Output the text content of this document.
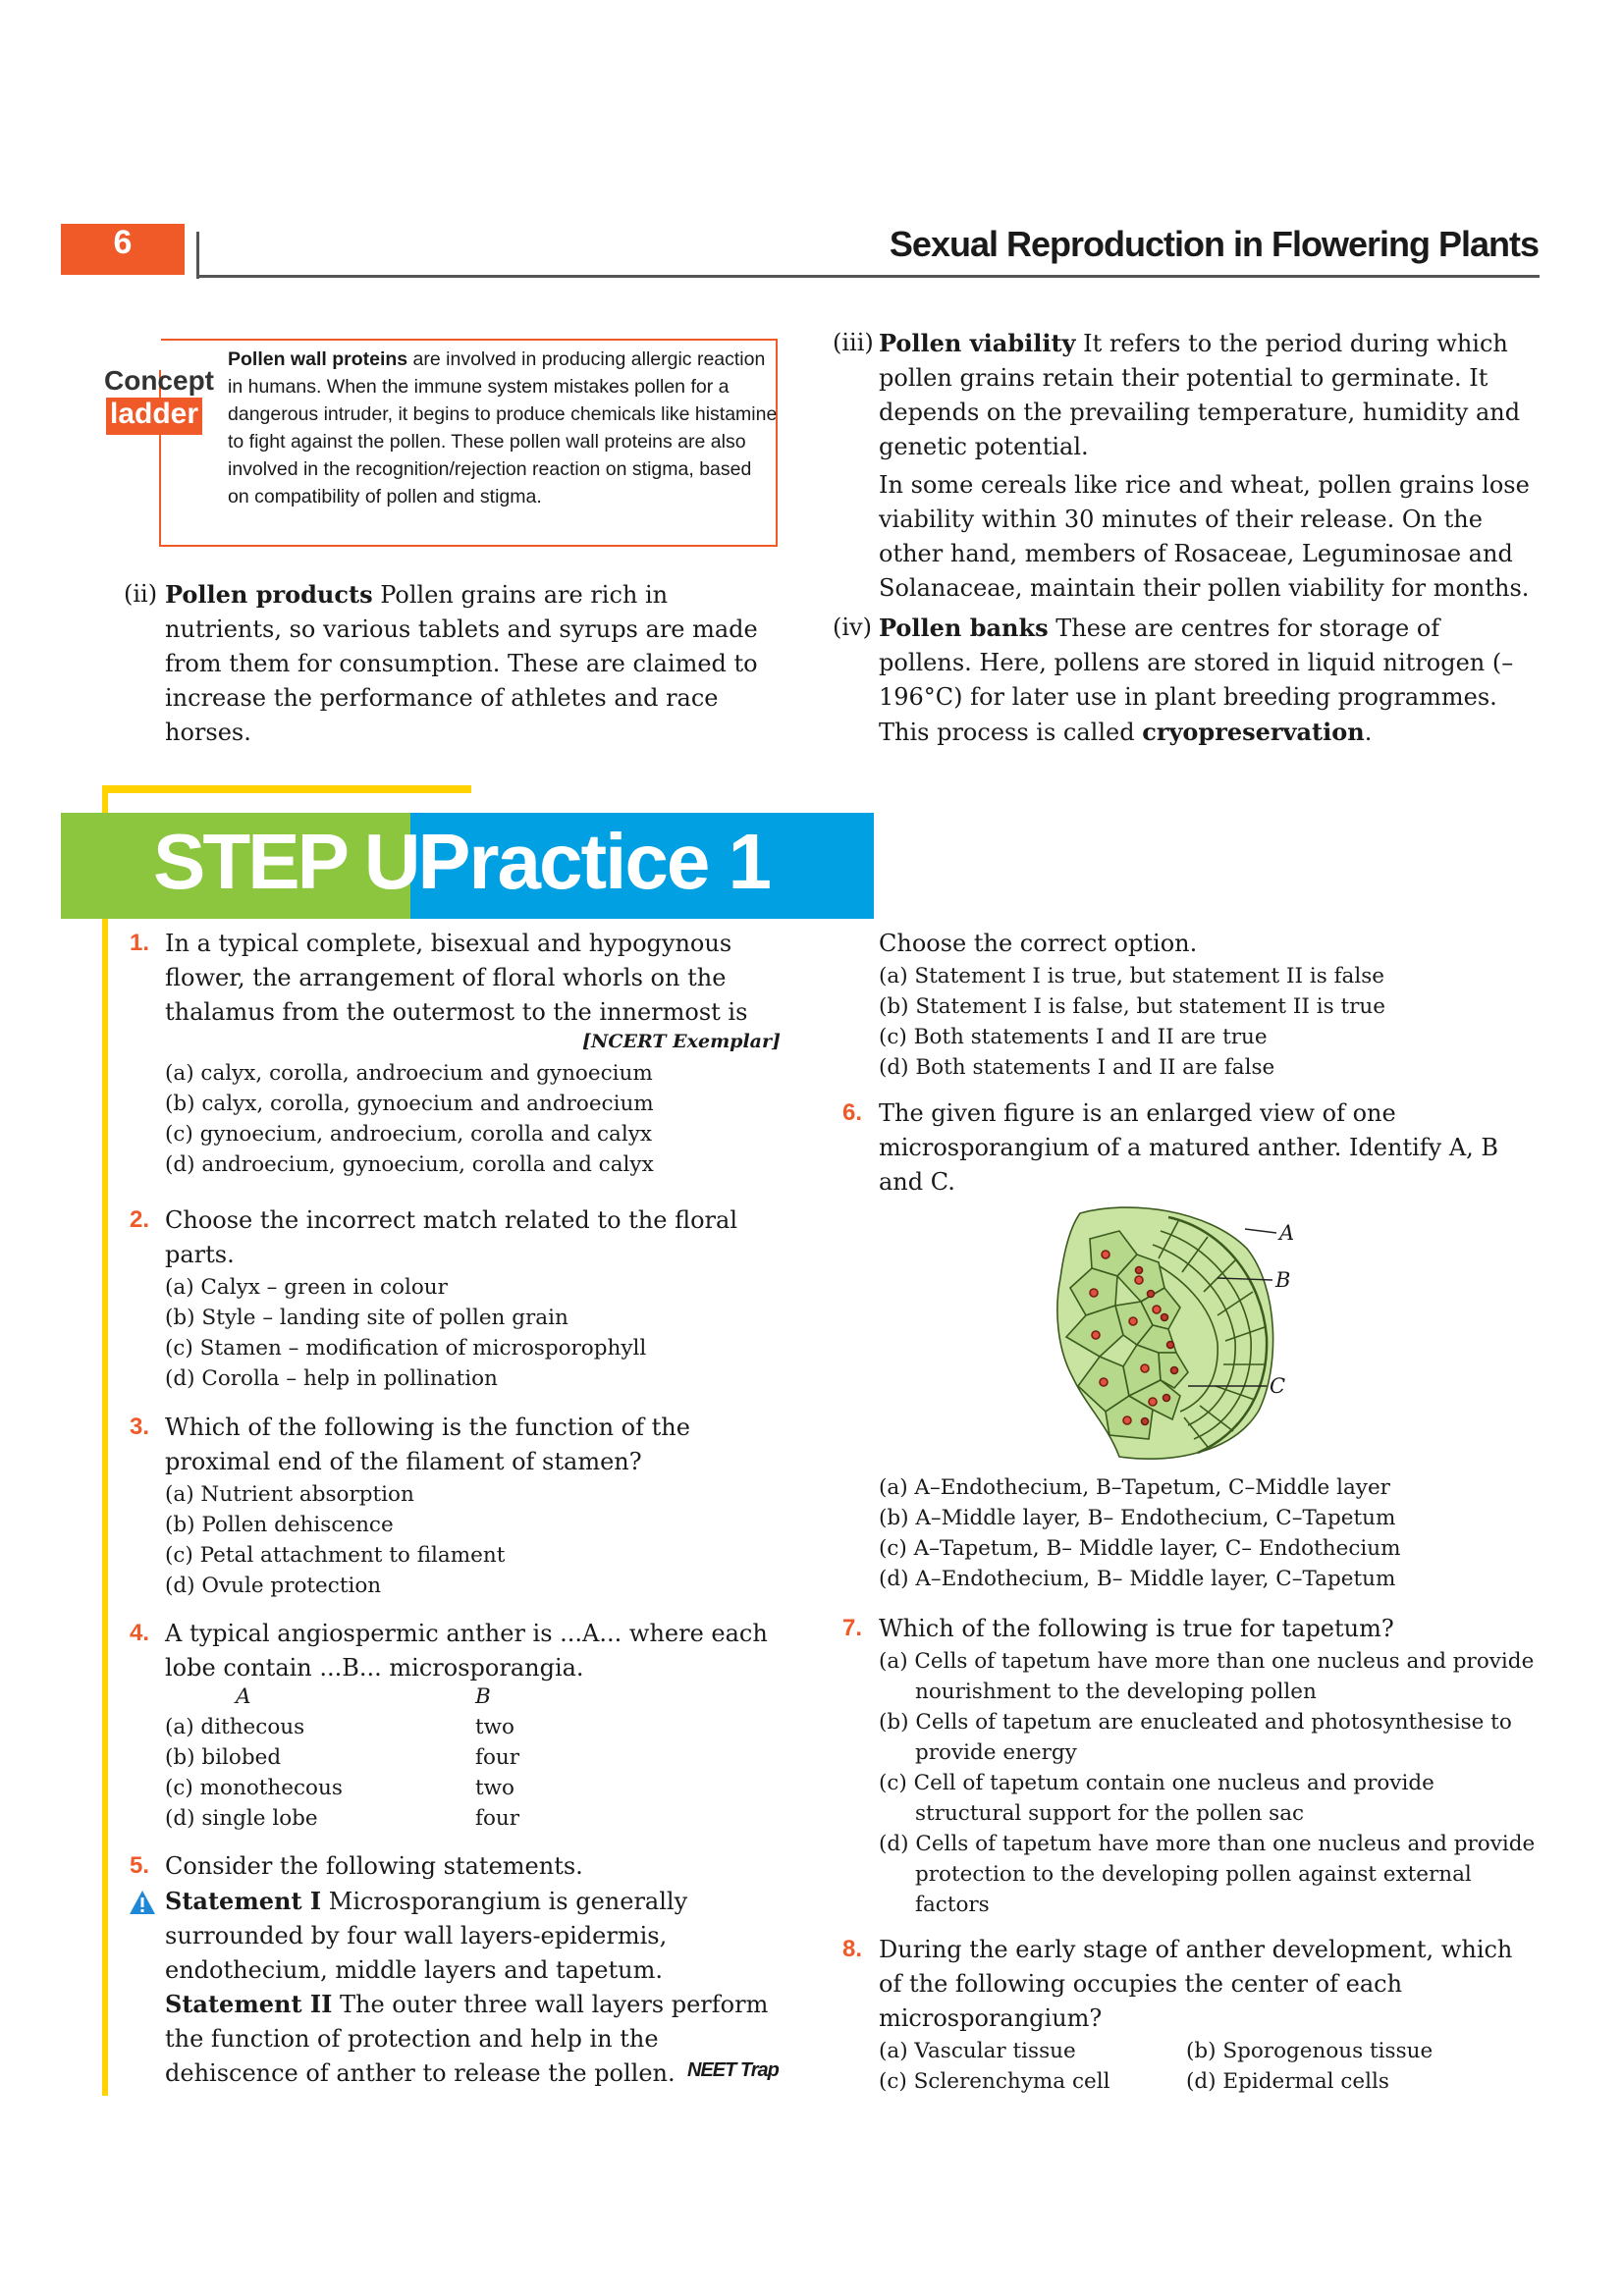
6	Sexual Reproduction in Flowering Plants
Concept
ladder
Pollen wall proteins are involved in producing allergic reaction in humans. When the immune system mistakes pollen for a dangerous intruder, it begins to produce chemicals like histamine to fight against the pollen. These pollen wall proteins are also involved in the recognition/rejection reaction on stigma, based on compatibility of pollen and stigma.
(ii) Pollen products Pollen grains are rich in nutrients, so various tablets and syrups are made from them for consumption. These are claimed to increase the performance of athletes and race horses.
(iii) Pollen viability It refers to the period during which pollen grains retain their potential to germinate. It depends on the prevailing temperature, humidity and genetic potential.
In some cereals like rice and wheat, pollen grains lose viability within 30 minutes of their release. On the other hand, members of Rosaceae, Leguminosae and Solanaceae, maintain their pollen viability for months.
(iv) Pollen banks These are centres for storage of pollens. Here, pollens are stored in liquid nitrogen (–196°C) for later use in plant breeding programmes. This process is called cryopreservation.
STEP UP
Practice 1
1. In a typical complete, bisexual and hypogynous flower, the arrangement of floral whorls on the thalamus from the outermost to the innermost is
[NCERT Exemplar]
(a) calyx, corolla, androecium and gynoecium
(b) calyx, corolla, gynoecium and androecium
(c) gynoecium, androecium, corolla and calyx
(d) androecium, gynoecium, corolla and calyx
2. Choose the incorrect match related to the floral parts.
(a) Calyx – green in colour
(b) Style – landing site of pollen grain
(c) Stamen – modification of microsporophyll
(d) Corolla – help in pollination
3. Which of the following is the function of the proximal end of the filament of stamen?
(a) Nutrient absorption
(b) Pollen dehiscence
(c) Petal attachment to filament
(d) Ovule protection
4. A typical angiospermic anther is ...A... where each lobe contain ...B... microsporangia.
A	B
(a) dithecous
(b) bilobed
(c) monothecous
(d) single lobe
two
four
two
four
5. Consider the following statements.
Statement I Microsporangium is generally surrounded by four wall layers-epidermis, endothecium, middle layers and tapetum.
Statement II The outer three wall layers perform the function of protection and help in the dehiscence of anther to release the pollen. NEET Trap
Choose the correct option.
(a) Statement I is true, but statement II is false
(b) Statement I is false, but statement II is true
(c) Both statements I and II are true
(d) Both statements I and II are false
6. The given figure is an enlarged view of one microsporangium of a matured anther. Identify A, B and C.
A
B
C
(a) A–Endothecium, B–Tapetum, C–Middle layer
(b) A–Middle layer, B– Endothecium, C–Tapetum
(c) A–Tapetum, B– Middle layer, C– Endothecium
(d) A–Endothecium, B– Middle layer, C–Tapetum
7. Which of the following is true for tapetum?
(a) Cells of tapetum have more than one nucleus and provide nourishment to the developing pollen
(b) Cells of tapetum are enucleated and photosynthesise to provide energy
(c) Cell of tapetum contain one nucleus and provide structural support for the pollen sac
(d) Cells of tapetum have more than one nucleus and provide protection to the developing pollen against external factors
8. During the early stage of anther development, which of the following occupies the center of each microsporangium?
(a) Vascular tissue
(c) Sclerenchyma cell
(b) Sporogenous tissue
(d) Epidermal cells
